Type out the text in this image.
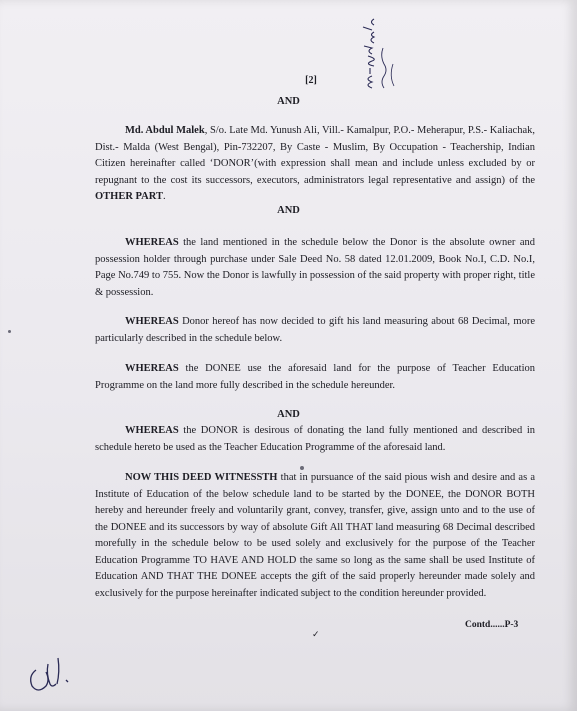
[2]
AND
Md. Abdul Malek, S/o. Late Md. Yunush Ali, Vill.- Kamalpur, P.O.- Meherapur, P.S.- Kaliachak, Dist.- Malda (West Bengal), Pin-732207, By Caste - Muslim, By Occupation - Teachership, Indian Citizen hereinafter called ‘DONOR’(with expression shall mean and include unless excluded by or repugnant to the cost its successors, executors, administrators legal representative and assign) of the OTHER PART.
AND
WHEREAS the land mentioned in the schedule below the Donor is the absolute owner and possession holder through purchase under Sale Deed No. 58 dated 12.01.2009, Book No.I, C.D. No.I, Page No.749 to 755. Now the Donor is lawfully in possession of the said property with proper right, title & possession.
WHEREAS Donor hereof has now decided to gift his land measuring about 68 Decimal, more particularly described in the schedule below.
WHEREAS the DONEE use the aforesaid land for the purpose of Teacher Education Programme on the land more fully described in the schedule hereunder.
AND
WHEREAS the DONOR is desirous of donating the land fully mentioned and described in schedule hereto be used as the Teacher Education Programme of the aforesaid land.
NOW THIS DEED WITNESSTH that in pursuance of the said pious wish and desire and as a Institute of Education of the below schedule land to be started by the DONEE, the DONOR BOTH hereby and hereunder freely and voluntarily grant, convey, transfer, give, assign unto and to the use of the DONEE and its successors by way of absolute Gift All THAT land measuring 68 Decimal described morefully in the schedule below to be used solely and exclusively for the purpose of the Teacher Education Programme TO HAVE AND HOLD the same so long as the same shall be used Institute of Education AND THAT THE DONEE accepts the gift of the said properly hereunder made solely and exclusively for the purpose hereinafter indicated subject to the condition hereunder provided.
Contd......P-3
✓
